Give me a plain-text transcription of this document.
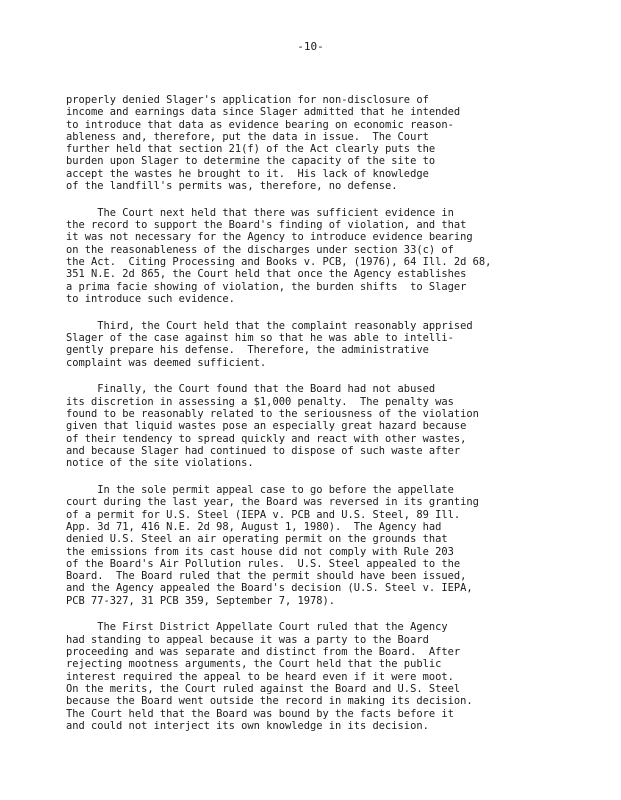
-10-
properly denied Slager's application for non-disclosure of
income and earnings data since Slager admitted that he intended
to introduce that data as evidence bearing on economic reason-
ableness and, therefore, put the data in issue.  The Court
further held that section 21(f) of the Act clearly puts the
burden upon Slager to determine the capacity of the site to
accept the wastes he brought to it.  His lack of knowledge
of the landfill's permits was, therefore, no defense.
The Court next held that there was sufficient evidence in
the record to support the Board's finding of violation, and that
it was not necessary for the Agency to introduce evidence bearing
on the reasonableness of the discharges under section 33(c) of
the Act.  Citing Processing and Books v. PCB, (1976), 64 Ill. 2d 68,
351 N.E. 2d 865, the Court held that once the Agency establishes
a prima facie showing of violation, the burden shifts  to Slager
to introduce such evidence.
Third, the Court held that the complaint reasonably apprised
Slager of the case against him so that he was able to intelli-
gently prepare his defense.  Therefore, the administrative
complaint was deemed sufficient.
Finally, the Court found that the Board had not abused
its discretion in assessing a $1,000 penalty.  The penalty was
found to be reasonably related to the seriousness of the violation
given that liquid wastes pose an especially great hazard because
of their tendency to spread quickly and react with other wastes,
and because Slager had continued to dispose of such waste after
notice of the site violations.
In the sole permit appeal case to go before the appellate
court during the last year, the Board was reversed in its granting
of a permit for U.S. Steel (IEPA v. PCB and U.S. Steel, 89 Ill.
App. 3d 71, 416 N.E. 2d 98, August 1, 1980).  The Agency had
denied U.S. Steel an air operating permit on the grounds that
the emissions from its cast house did not comply with Rule 203
of the Board's Air Pollution rules.  U.S. Steel appealed to the
Board.  The Board ruled that the permit should have been issued,
and the Agency appealed the Board's decision (U.S. Steel v. IEPA,
PCB 77-327, 31 PCB 359, September 7, 1978).
The First District Appellate Court ruled that the Agency
had standing to appeal because it was a party to the Board
proceeding and was separate and distinct from the Board.  After
rejecting mootness arguments, the Court held that the public
interest required the appeal to be heard even if it were moot.
On the merits, the Court ruled against the Board and U.S. Steel
because the Board went outside the record in making its decision.
The Court held that the Board was bound by the facts before it
and could not interject its own knowledge in its decision.
